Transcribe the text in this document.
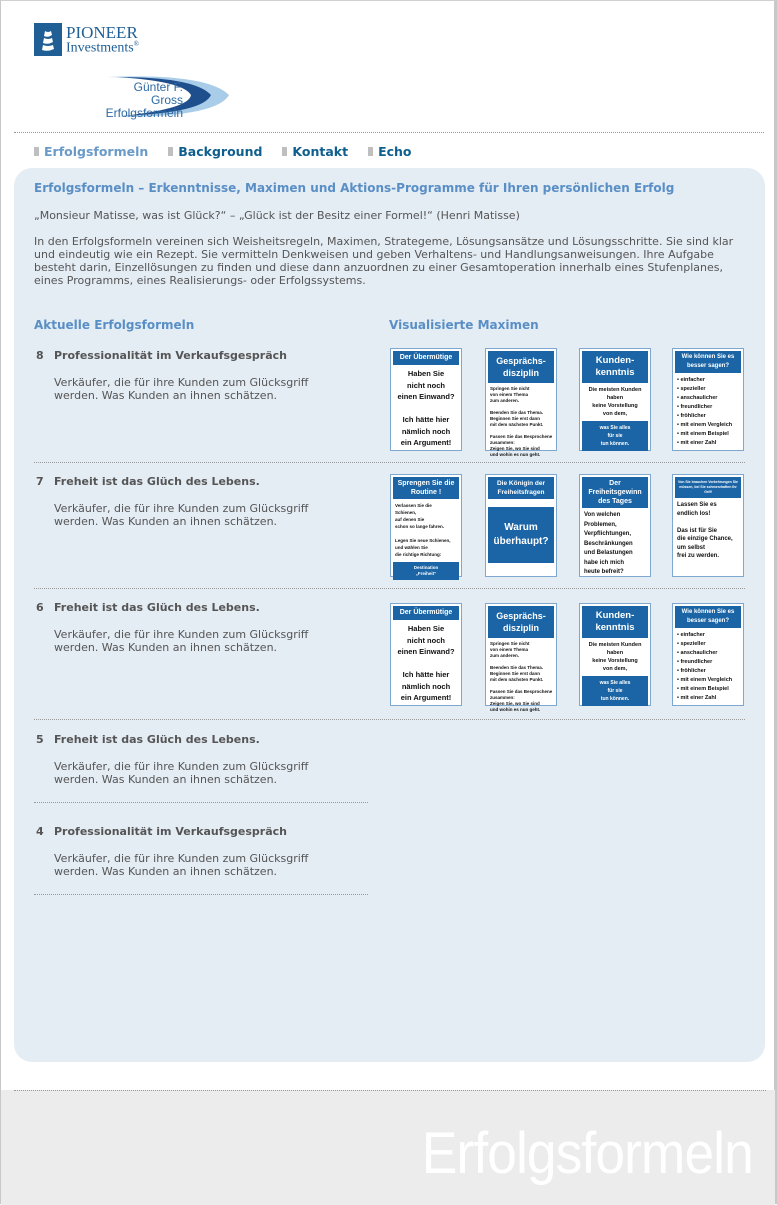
PIONEER
Investments®
Günter F. Gross
Erfolgsformeln
Erfolgsformeln Background Kontakt Echo
Erfolgsformeln – Erkenntnisse, Maximen und Aktions-Programme für Ihren persönlichen Erfolg
„Monsieur Matisse, was ist Glück?“ – „Glück ist der Besitz einer Formel!“ (Henri Matisse)
In den Erfolgsformeln vereinen sich Weisheitsregeln, Maximen, Strategeme, Lösungsansätze und Lösungsschritte. Sie sind klar und eindeutig wie ein Rezept. Sie vermitteln Denkweisen und geben Verhaltens- und Handlungsanweisungen. Ihre Aufgabe besteht darin, Einzellösungen zu finden und diese dann anzuordnen zu einer Gesamtoperation innerhalb eines Stufenplanes, eines Programms, eines Realisierungs- oder Erfolgssystems.
Aktuelle Erfolgsformeln	Visualisierte Maximen
8 Professionalität im Verkaufsgespräch
Verkäufer, die für ihre Kunden zum Glücksgriff werden. Was Kunden an ihnen schätzen.
7 Freheit ist das Glüch des Lebens.
Verkäufer, die für ihre Kunden zum Glücksgriff werden. Was Kunden an ihnen schätzen.
6 Freheit ist das Glüch des Lebens.
Verkäufer, die für ihre Kunden zum Glücksgriff werden. Was Kunden an ihnen schätzen.
5 Freheit ist das Glüch des Lebens.
Verkäufer, die für ihre Kunden zum Glücksgriff werden. Was Kunden an ihnen schätzen.
4 Professionalität im Verkaufsgespräch
Verkäufer, die für ihre Kunden zum Glücksgriff werden. Was Kunden an ihnen schätzen.
Der Übermütige
Haben Sie
nicht noch
einen Einwand?

Ich hätte hier
nämlich noch
ein Argument!
Gesprächs-disziplin
Springen Sie nicht
von einem Thema
zum anderen.

Beenden Sie das Thema.
Beginnen Sie erst dann
mit dem nächsten Punkt.

Fassen Sie das Besprochene
zusammen:
Zeigen Sie, wo Sie sind
und wohin es nun geht.
Kunden-kenntnis
Die meisten Kunden
haben
keine Vorstellung
von dem,
was Sie alles
für sie
tun können.
Wie können Sie es besser sagen?
• einfacher
• spezieller
• anschaulicher
• freundlicher
• fröhlicher
• mit einem Vergleich
• mit einem Beispiel
• mit einer Zahl
Sprengen Sie die Routine !
Verlassen Sie die
Schienen,
auf denen Sie
schon so lange fahren.

Legen Sie neue Schienen,
und wählen Sie
die richtige Richtung:
Destination
„Freiheit“
Die Königin der Freiheitsfragen
Warum überhaupt?
Der Freiheitsgewinn des Tages
Von welchen
Problemen,
Verpflichtungen,
Beschränkungen
und Belastungen
habe ich mich
heute befreit?
Von Sie brauchen Vorkehrungen Sie müssen, bei Sie schmerzhaften Ihr Griff
Lassen Sie es
endlich los!

Das ist für Sie
die einzige Chance,
um selbst
frei zu werden.
Der Übermütige
Haben Sie
nicht noch
einen Einwand?

Ich hätte hier
nämlich noch
ein Argument!
Gesprächs-disziplin
Springen Sie nicht
von einem Thema
zum anderen.

Beenden Sie das Thema.
Beginnen Sie erst dann
mit dem nächsten Punkt.

Fassen Sie das Besprochene
zusammen:
Zeigen Sie, wo Sie sind
und wohin es nun geht.
Kunden-kenntnis
Die meisten Kunden
haben
keine Vorstellung
von dem,
was Sie alles
für sie
tun können.
Wie können Sie es besser sagen?
• einfacher
• spezieller
• anschaulicher
• freundlicher
• fröhlicher
• mit einem Vergleich
• mit einem Beispiel
• mit einer Zahl
Erfolgsformeln
